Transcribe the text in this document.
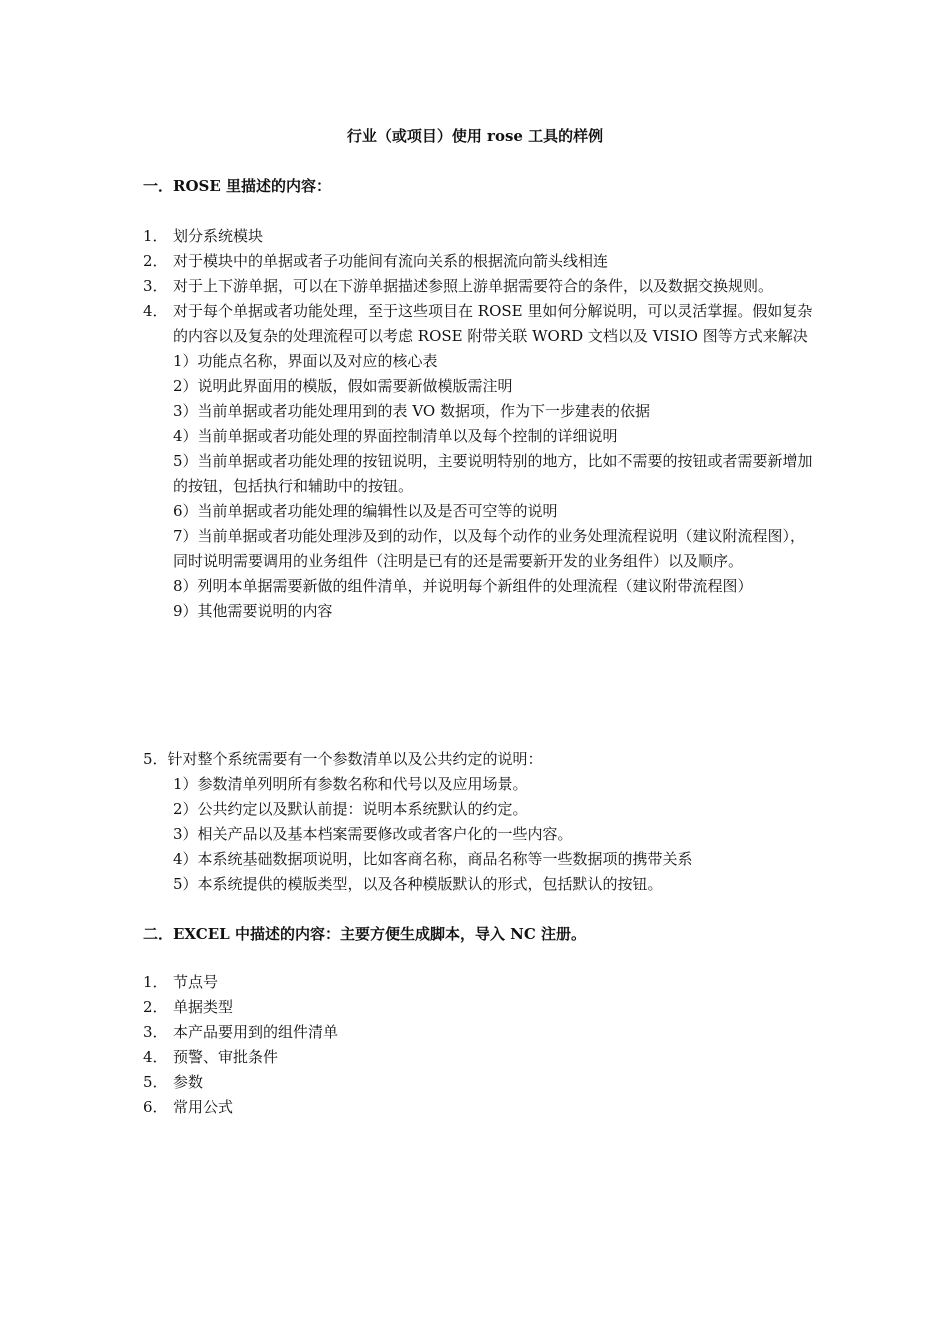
行业（或项目）使用 rose 工具的样例
一．ROSE 里描述的内容：
1． 划分系统模块
2． 对于模块中的单据或者子功能间有流向关系的根据流向箭头线相连
3． 对于上下游单据，可以在下游单据描述参照上游单据需要符合的条件，以及数据交换规则。
4． 对于每个单据或者功能处理，至于这些项目在 ROSE 里如何分解说明，可以灵活掌握。假如复杂的内容以及复杂的处理流程可以考虑 ROSE 附带关联 WORD 文档以及 VISIO 图等方式来解决
1）功能点名称，界面以及对应的核心表
2）说明此界面用的模版，假如需要新做模版需注明
3）当前单据或者功能处理用到的表 VO 数据项，作为下一步建表的依据
4）当前单据或者功能处理的界面控制清单以及每个控制的详细说明
5）当前单据或者功能处理的按钮说明，主要说明特别的地方，比如不需要的按钮或者需要新增加的按钮，包括执行和辅助中的按钮。
6）当前单据或者功能处理的编辑性以及是否可空等的说明
7）当前单据或者功能处理涉及到的动作，以及每个动作的业务处理流程说明（建议附流程图），同时说明需要调用的业务组件（注明是已有的还是需要新开发的业务组件）以及顺序。
8）列明本单据需要新做的组件清单，并说明每个新组件的处理流程（建议附带流程图）
9）其他需要说明的内容
5．针对整个系统需要有一个参数清单以及公共约定的说明：
1）参数清单列明所有参数名称和代号以及应用场景。
2）公共约定以及默认前提：说明本系统默认的约定。
3）相关产品以及基本档案需要修改或者客户化的一些内容。
4）本系统基础数据项说明，比如客商名称，商品名称等一些数据项的携带关系
5）本系统提供的模版类型，以及各种模版默认的形式，包括默认的按钮。
二．EXCEL 中描述的内容：主要方便生成脚本，导入 NC 注册。
1． 节点号
2． 单据类型
3． 本产品要用到的组件清单
4． 预警、审批条件
5． 参数
6． 常用公式
